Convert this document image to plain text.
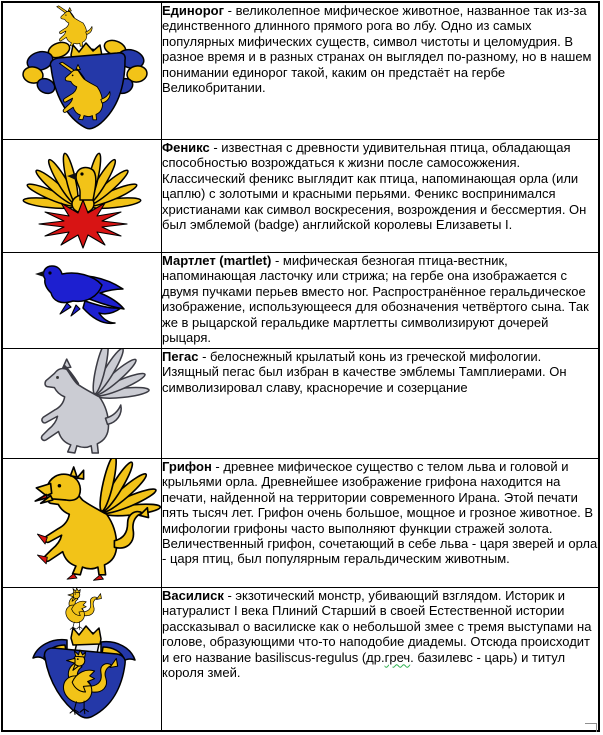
	Единорог - великолепное мифическое животное, названное так из-за единственного длинного прямого рога во лбу. Одно из самых популярных мифических существ, символ чистоты и целомудрия. В разное время и в разных странах он выглядел по-разному, но в нашем понимании единорог такой, каким он предстаёт на гербе Великобритании.

	Феникс - известная с древности удивительная птица, обладающая способностью возрождаться к жизни после самосожжения. Классический феникс выглядит как птица, напоминающая орла (или цаплю) с золотыми и красными перьями. Феникс воспринимался христианами как символ воскресения, возрождения и бессмертия. Он был эмблемой (badge) английской королевы Елизаветы I.

	Мартлет (martlet) - мифическая безногая птица-вестник, напоминающая ласточку или стрижа; на гербе она изображается с двумя пучками перьев вместо ног. Распространённое геральдическое изображение, использующееся для обозначения четвёртого сына. Так же в рыцарской геральдике мартлетты символизируют дочерей рыцаря.

	Пегас - белоснежный крылатый конь из греческой мифологии. Изящный пегас был избран в качестве эмблемы Тамплиерами. Он символизировал славу, красноречие и созерцание

	Грифон - древнее мифическое существо с телом льва и головой и крыльями орла. Древнейшее изображение грифона находится на печати, найденной на территории современного Ирана. Этой печати пять тысяч лет. Грифон очень большое, мощное и грозное животное. В мифологии грифоны часто выполняют функции стражей золота. Величественный грифон, сочетающий в себе льва - царя зверей и орла - царя птиц, был популярным геральдическим животным.

	Василиск - экзотический монстр, убивающий взглядом. Историк и натуралист I века Плиний Старший в своей Естественной истории рассказывал о василиске как о небольшой змее с тремя выступами на голове, образующими что-то наподобие диадемы. Отсюда происходит и его название basiliscus-regulus (др.греч. базилевс - царь) и титул короля змей.
